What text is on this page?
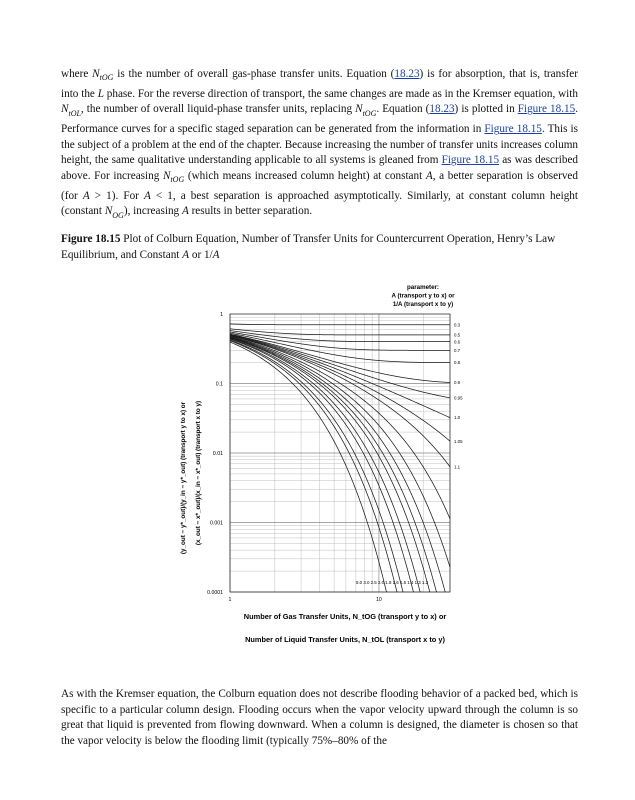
where $N_{tOG}$ is the number of overall gas-phase transfer units. Equation (18.23) is for absorption, that is, transfer into the L phase. For the reverse direction of transport, the same changes are made as in the Kremser equation, with $N_{tOL}$, the number of overall liquid-phase transfer units, replacing $N_{tOG}$. Equation (18.23) is plotted in Figure 18.15. Performance curves for a specific staged separation can be generated from the information in Figure 18.15. This is the subject of a problem at the end of the chapter. Because increasing the number of transfer units increases column height, the same qualitative understanding applicable to all systems is gleaned from Figure 18.15 as was described above. For increasing $N_{tOG}$ (which means increased column height) at constant A, a better separation is observed (for A > 1). For A < 1, a best separation is approached asymptotically. Similarly, at constant column height (constant $N_{OG}$), increasing A results in better separation.

Figure 18.15 Plot of Colburn Equation, Number of Transfer Units for Countercurrent Operation, Henry’s Law Equilibrium, and Constant A or 1/A

1
0.1
0.01
0.001
0.0001
1	10
0.3
0.5
0.6
0.7
0.8
0.9
0.95
1.0
1.05
1.1
parameter:
A (transport y to x) or
1/A (transport x to y)
(y_out − y*_out)/(y_in − y*_out) (transport y to x) or (x_out − x*_out)/(x_in − x*_out) (transport x to y)
Number of Gas Transfer Units, N_tOG (transport y to x) or
Number of Liquid Transfer Units, N_tOL (transport x to y)
5.0 3.0 2.5 2.0 1.8 1.6 1.5 1.4 1.3 1.2

As with the Kremser equation, the Colburn equation does not describe flooding behavior of a packed bed, which is specific to a particular column design. Flooding occurs when the vapor velocity upward through the column is so great that liquid is prevented from flowing downward. When a column is designed, the diameter is chosen so that the vapor velocity is below the flooding limit (typically 75%–80% of the
